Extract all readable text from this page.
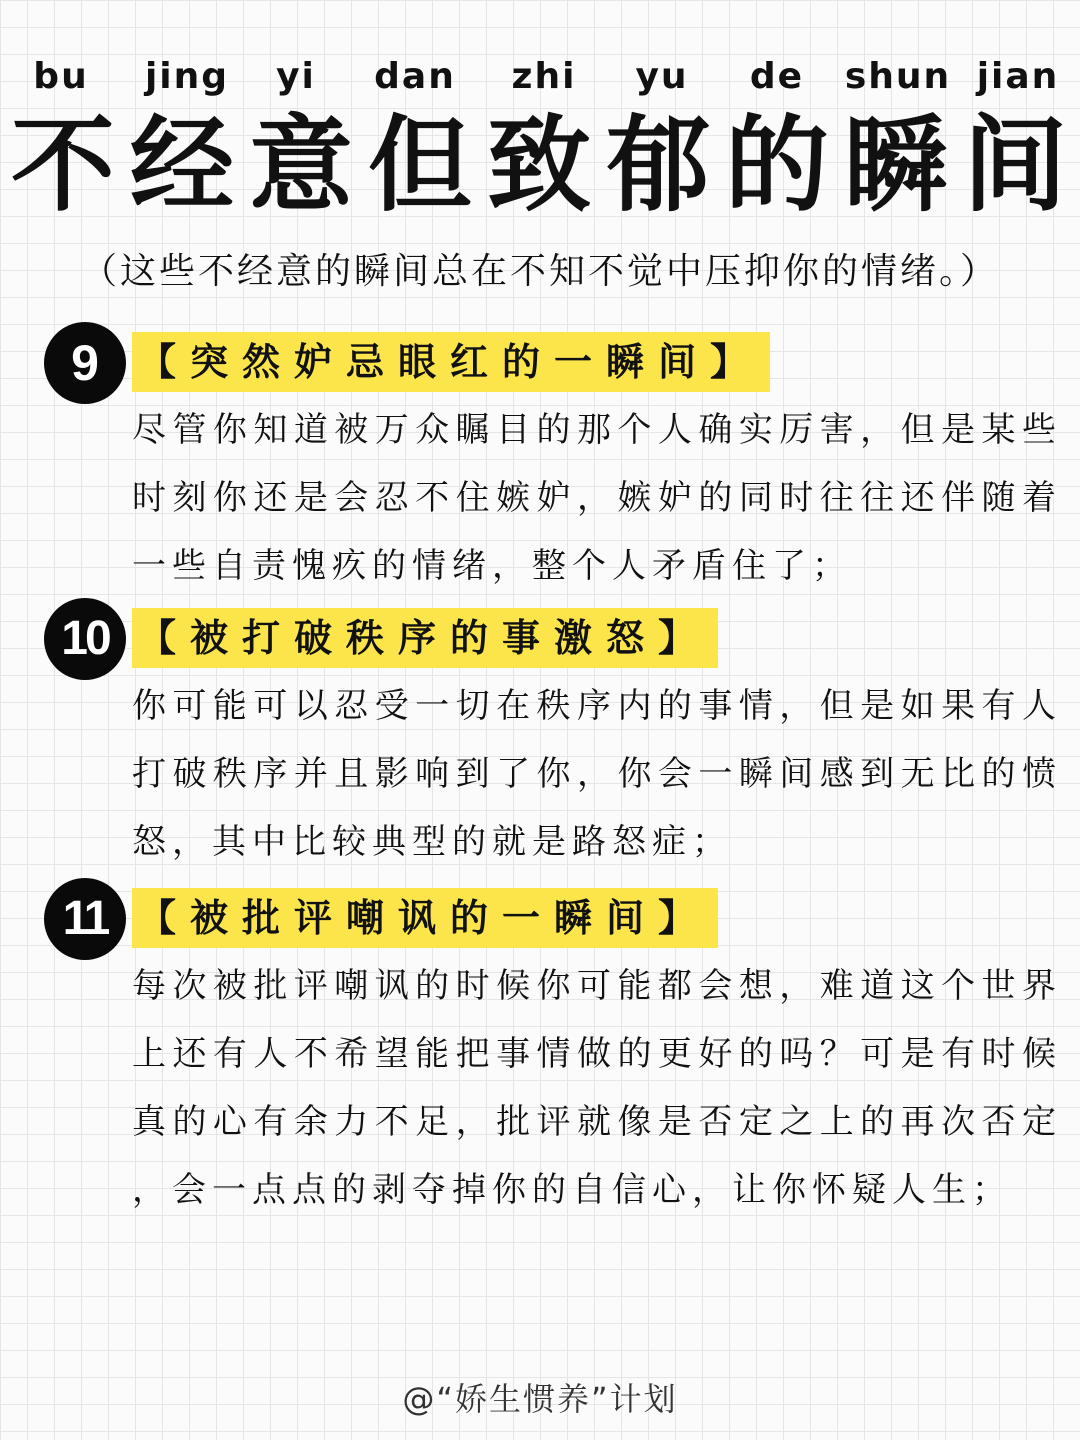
bu	jing	yi	dan	zhi	yu	de	shun jian
不 经 意 但 致 郁 的 瞬 间
（这些不经意的瞬间总在不知不觉中压抑你的情绪。）
9	【突然妒忌眼红的一瞬间】
尽管你知道被万众瞩目的那个人确实厉害，但是某些
时刻你还是会忍不住嫉妒，嫉妒的同时往往还伴随着
一些自责愧疚的情绪，整个人矛盾住了；
10 【被打破秩序的事激怒】
你可能可以忍受一切在秩序内的事情，但是如果有人
打破秩序并且影响到了你，你会一瞬间感到无比的愤
怒，其中比较典型的就是路怒症；
11 【被批评嘲讽的一瞬间】
每次被批评嘲讽的时候你可能都会想，难道这个世界
上还有人不希望能把事情做的更好的吗？可是有时候
真的心有余力不足，批评就像是否定之上的再次否定
，会一点点的剥夺掉你的自信心，让你怀疑人生；
@“娇生惯养”计划
